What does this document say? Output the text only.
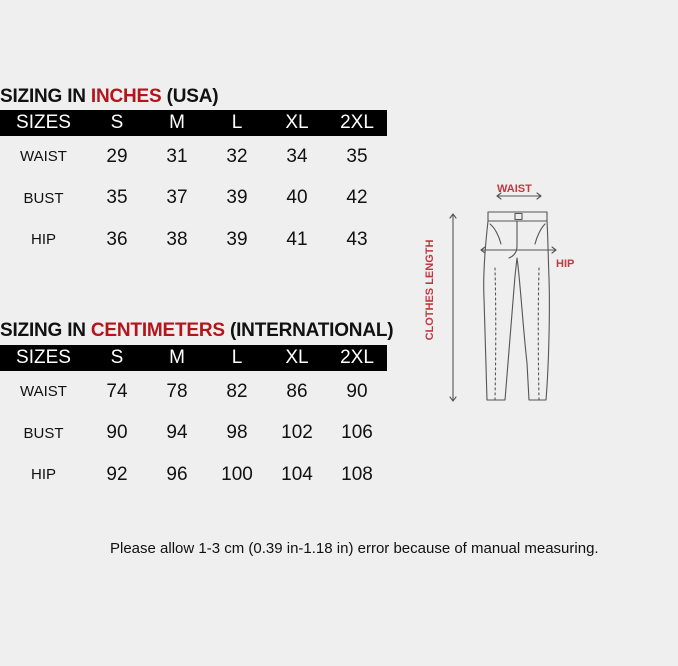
SIZING IN INCHES (USA)
SIZES	S	M	L	XL	2XL
WAIST	29	31	32	34	35
BUST	35	37	39	40	42
HIP	36	38	39	41	43
SIZING IN CENTIMETERS (INTERNATIONAL)
SIZES	S	M	L	XL	2XL
WAIST	74	78	82	86	90
BUST	90	94	98	102	106
HIP	92	96	100	104	108
WAIST
HIP
CLOTHES LENGTH
Please allow 1-3 cm (0.39 in-1.18 in) error because of manual measuring.
